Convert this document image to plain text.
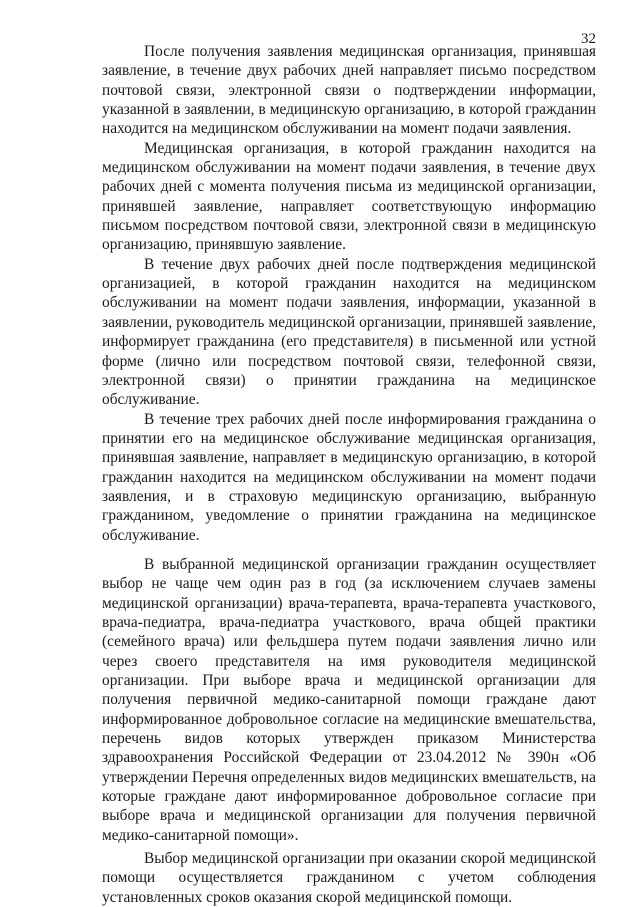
32

После получения заявления медицинская организация, принявшая заявление, в течение двух рабочих дней направляет письмо посредством почтовой связи, электронной связи о подтверждении информации, указанной в заявлении, в медицинскую организацию, в которой гражданин находится на медицинском обслуживании на момент подачи заявления.

Медицинская организация, в которой гражданин находится на медицинском обслуживании на момент подачи заявления, в течение двух рабочих дней с момента получения письма из медицинской организации, принявшей заявление, направляет соответствующую информацию письмом посредством почтовой связи, электронной связи в медицинскую организацию, принявшую заявление.

В течение двух рабочих дней после подтверждения медицинской организацией, в которой гражданин находится на медицинском обслуживании на момент подачи заявления, информации, указанной в заявлении, руководитель медицинской организации, принявшей заявление, информирует гражданина (его представителя) в письменной или устной форме (лично или посредством почтовой связи, телефонной связи, электронной связи) о принятии гражданина на медицинское обслуживание.

В течение трех рабочих дней после информирования гражданина о принятии его на медицинское обслуживание медицинская организация, принявшая заявление, направляет в медицинскую организацию, в которой гражданин находится на медицинском обслуживании на момент подачи заявления, и в страховую медицинскую организацию, выбранную гражданином, уведомление о принятии гражданина на медицинское обслуживание.

В выбранной медицинской организации гражданин осуществляет выбор не чаще чем один раз в год (за исключением случаев замены медицинской организации) врача-терапевта, врача-терапевта участкового, врача-педиатра, врача-педиатра участкового, врача общей практики (семейного врача) или фельдшера путем подачи заявления лично или через своего представителя на имя руководителя медицинской организации. При выборе врача и медицинской организации для получения первичной медико-санитарной помощи граждане дают информированное добровольное согласие на медицинские вмешательства, перечень видов которых утвержден приказом Министерства здравоохранения Российской Федерации от 23.04.2012 № 390н «Об утверждении Перечня определенных видов медицинских вмешательств, на которые граждане дают информированное добровольное согласие при выборе врача и медицинской организации для получения первичной медико-санитарной помощи».

Выбор медицинской организации при оказании скорой медицинской помощи осуществляется гражданином с учетом соблюдения установленных сроков оказания скорой медицинской помощи.
